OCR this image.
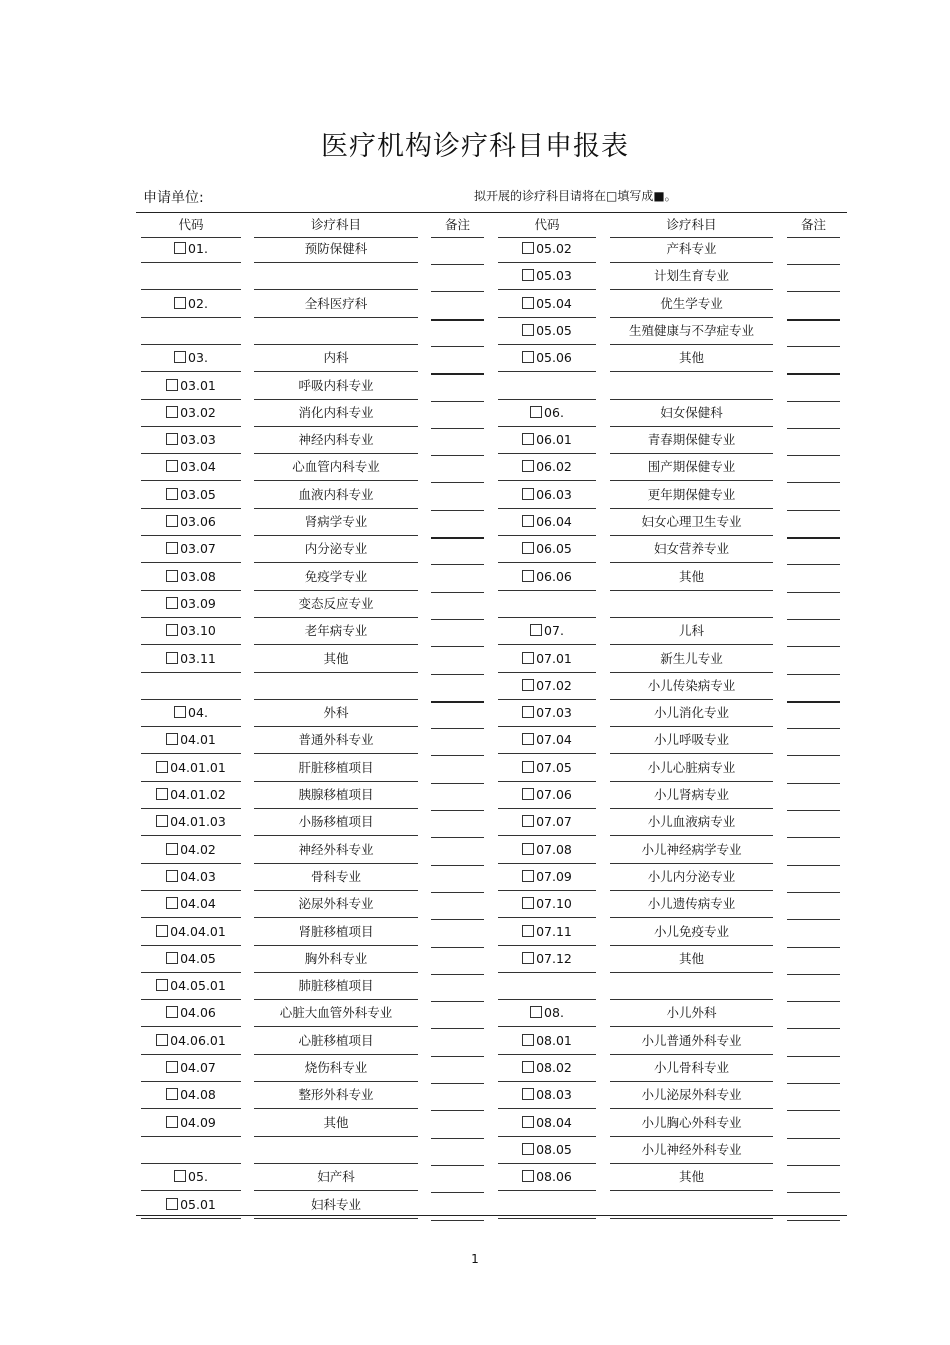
医疗机构诊疗科目申报表
申请单位:	拟开展的诊疗科目请将在□填写成■。
代码	诊疗科目	备注	代码	诊疗科目	备注
01.	预防保健科
02.	全科医疗科
03.	内科
03.01	呼吸内科专业
03.02	消化内科专业
03.03	神经内科专业
03.04	心血管内科专业
03.05	血液内科专业
03.06	肾病学专业
03.07	内分泌专业
03.08	免疫学专业
03.09	变态反应专业
03.10	老年病专业
03.11	其他
04.	外科
04.01	普通外科专业
04.01.01	肝脏移植项目
04.01.02	胰腺移植项目
04.01.03	小肠移植项目
04.02	神经外科专业
04.03	骨科专业
04.04	泌尿外科专业
04.04.01	肾脏移植项目
04.05	胸外科专业
04.05.01	肺脏移植项目
04.06	心脏大血管外科专业
04.06.01	心脏移植项目
04.07	烧伤科专业
04.08	整形外科专业
04.09	其他
05.	妇产科
05.01	妇科专业
05.02	产科专业
05.03	计划生育专业
05.04	优生学专业
05.05	生殖健康与不孕症专业
05.06	其他
06.	妇女保健科
06.01	青春期保健专业
06.02	围产期保健专业
06.03	更年期保健专业
06.04	妇女心理卫生专业
06.05	妇女营养专业
06.06	其他
07.	儿科
07.01	新生儿专业
07.02	小儿传染病专业
07.03	小儿消化专业
07.04	小儿呼吸专业
07.05	小儿心脏病专业
07.06	小儿肾病专业
07.07	小儿血液病专业
07.08	小儿神经病学专业
07.09	小儿内分泌专业
07.10	小儿遗传病专业
07.11	小儿免疫专业
07.12	其他
08.	小儿外科
08.01	小儿普通外科专业
08.02	小儿骨科专业
08.03	小儿泌尿外科专业
08.04	小儿胸心外科专业
08.05	小儿神经外科专业
08.06	其他
1
